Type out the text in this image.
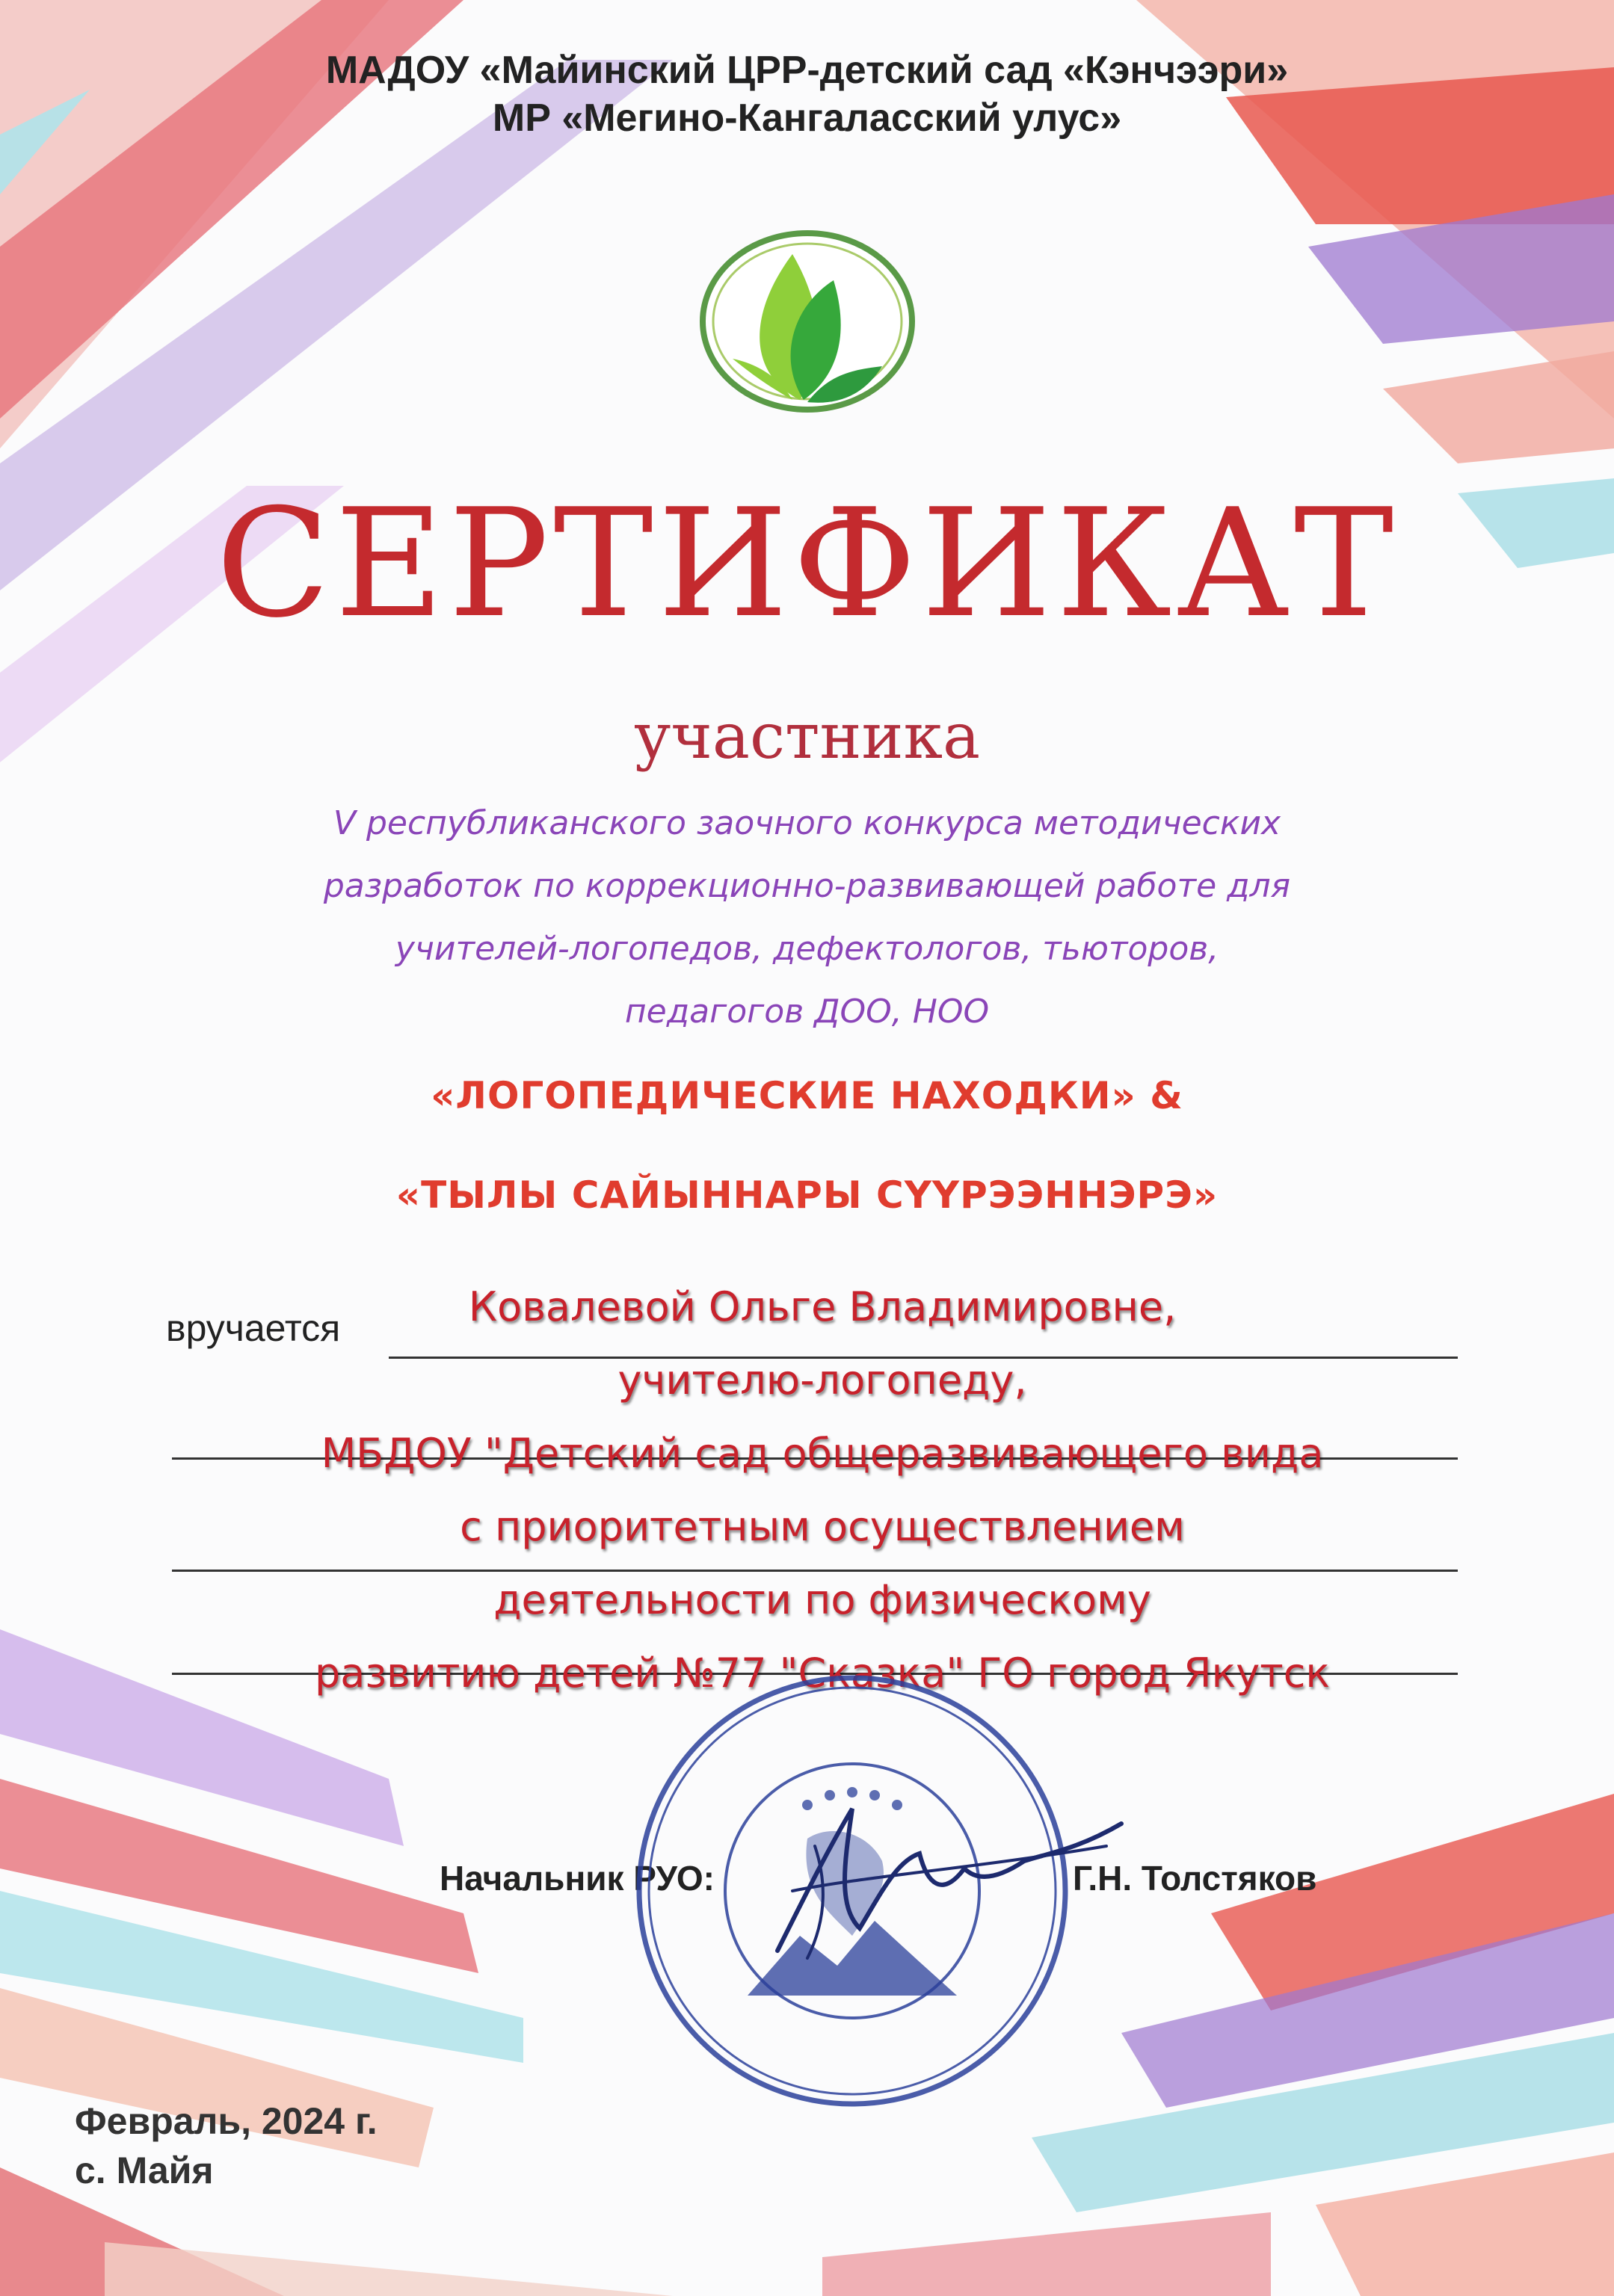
МАДОУ «Майинский ЦРР-детский сад «Кэнчээри»
МР «Мегино-Кангаласский улус»
СЕРТИФИКАТ
участника
V республиканского заочного конкурса методических
разработок по коррекционно-развивающей работе для
учителей-логопедов, дефектологов, тьюторов,
педагогов ДОО, НОО
«ЛОГОПЕДИЧЕСКИЕ НАХОДКИ» &
«ТЫЛЫ САЙЫННАРЫ СҮҮРЭЭННЭРЭ»
вручается	Ковалевой Ольге Владимировне,
учителю-логопеду,
МБДОУ "Детский сад общеразвивающего вида
с приоритетным осуществлением
деятельности по физическому
развитию детей №77 "Сказка" ГО город Якутск
Начальник РУО:	Г.Н. Толстяков
Февраль, 2024 г.
с. Майя
